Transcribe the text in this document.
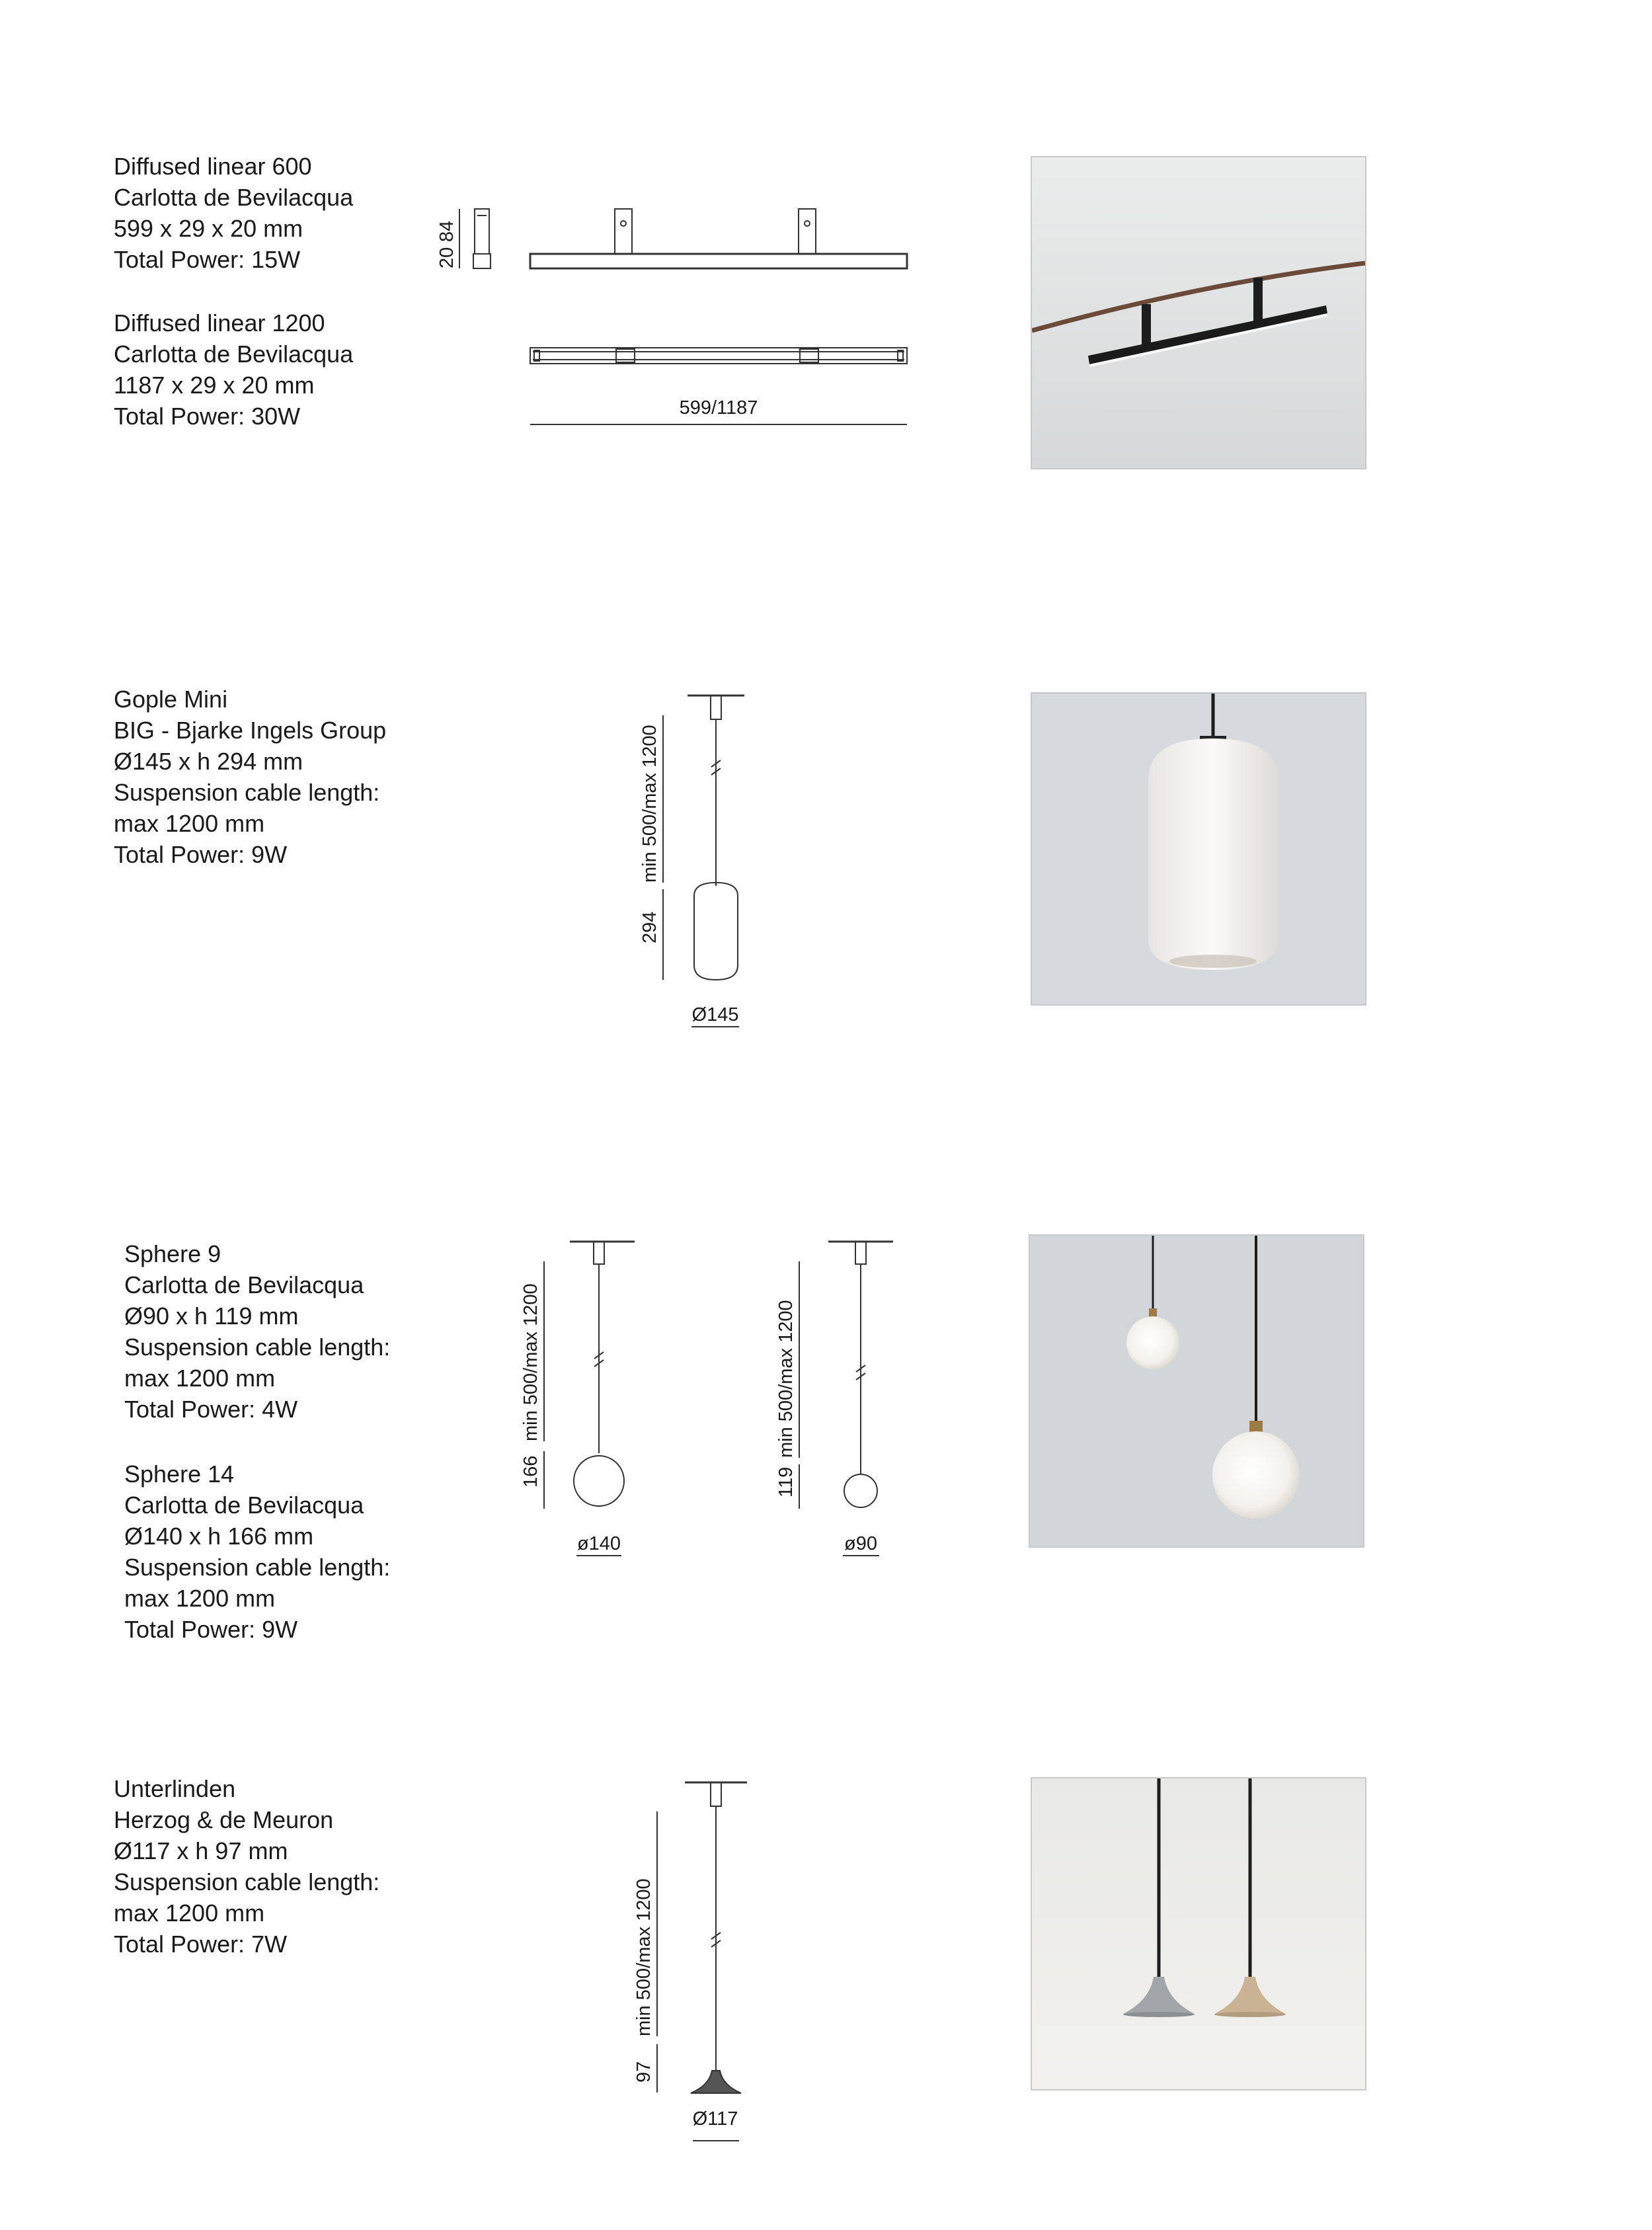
Diffused linear 600
Carlotta de Bevilacqua
599 x 29 x 20 mm
Total Power: 15W
Diffused linear 1200
Carlotta de Bevilacqua
1187 x 29 x 20 mm
Total Power: 30W
Gople Mini
BIG - Bjarke Ingels Group
Ø145 x h 294 mm
Suspension cable length:
max 1200 mm
Total Power: 9W
Sphere 9
Carlotta de Bevilacqua
Ø90 x h 119 mm
Suspension cable length:
max 1200 mm
Total Power: 4W
Sphere 14
Carlotta de Bevilacqua
Ø140 x h 166 mm
Suspension cable length:
max 1200 mm
Total Power: 9W
Unterlinden
Herzog & de Meuron
Ø117 x h 97 mm
Suspension cable length:
max 1200 mm
Total Power: 7W
20
84
599/1187
min 500/max 1200
294
Ø145
min 500/max 1200
166
ø140
min 500/max 1200
119
ø90
min 500/max 1200
97
Ø117
